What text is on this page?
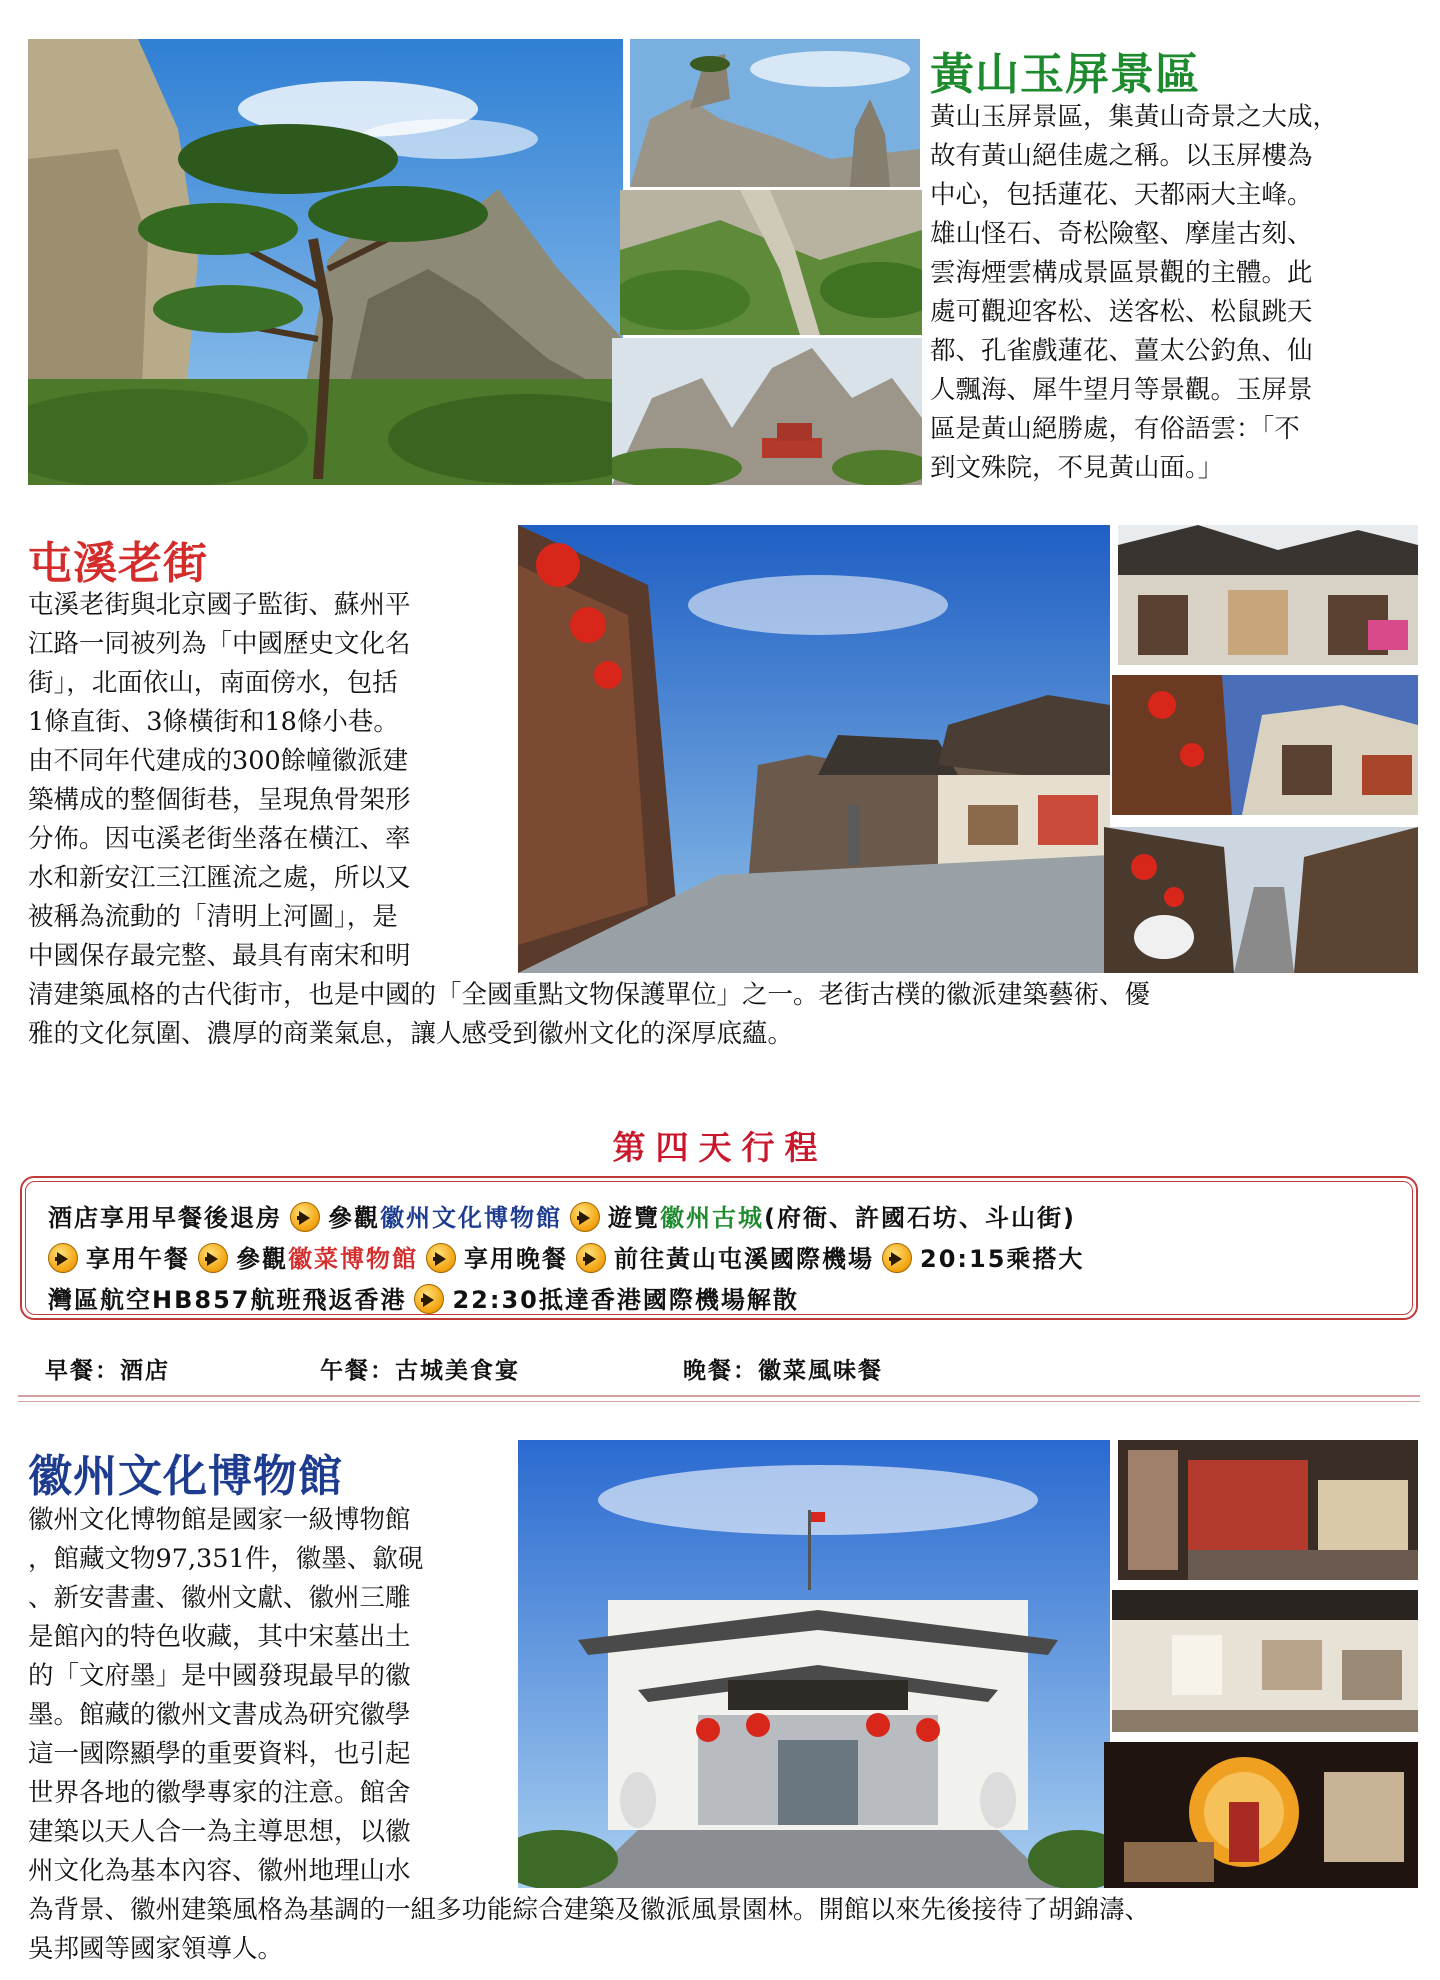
黃山玉屏景區
黃山玉屏景區，集黃山奇景之大成，
故有黃山絕佳處之稱。以玉屏樓為
中心，包括蓮花、天都兩大主峰。
雄山怪石、奇松險壑、摩崖古刻、
雲海煙雲構成景區景觀的主體。此
處可觀迎客松、送客松、松鼠跳天
都、孔雀戲蓮花、薑太公釣魚、仙
人飄海、犀牛望月等景觀。玉屏景
區是黃山絕勝處，有俗語雲：「不
到文殊院，不見黃山面。」
屯溪老街
屯溪老街與北京國子監街、蘇州平
江路一同被列為「中國歷史文化名
街」，北面依山，南面傍水，包括
1條直街、3條橫街和18條小巷。
由不同年代建成的300餘幢徽派建
築構成的整個街巷，呈現魚骨架形
分佈。因屯溪老街坐落在橫江、率
水和新安江三江匯流之處，所以又
被稱為流動的「清明上河圖」，是
中國保存最完整、最具有南宋和明
清建築風格的古代街市，也是中國的「全國重點文物保護單位」之一。老街古樸的徽派建築藝術、優
雅的文化氛圍、濃厚的商業氣息，讓人感受到徽州文化的深厚底蘊。
第四天行程
酒店享用早餐後退房 參觀徽州文化博物館 遊覽徽州古城(府衙、許國石坊、斗山街)
享用午餐 參觀徽菜博物館 享用晚餐 前往黃山屯溪國際機場 20:15乘搭大
灣區航空HB857航班飛返香港 22:30抵達香港國際機場解散
早餐：酒店	午餐：古城美食宴	晚餐：徽菜風味餐
徽州文化博物館
徽州文化博物館是國家一級博物館
，館藏文物97,351件，徽墨、歙硯
、新安書畫、徽州文獻、徽州三雕
是館內的特色收藏，其中宋墓出土
的「文府墨」是中國發現最早的徽
墨。館藏的徽州文書成為研究徽學
這一國際顯學的重要資料，也引起
世界各地的徽學專家的注意。館舍
建築以天人合一為主導思想，以徽
州文化為基本內容、徽州地理山水
為背景、徽州建築風格為基調的一組多功能綜合建築及徽派風景園林。開館以來先後接待了胡錦濤、
吳邦國等國家領導人。
